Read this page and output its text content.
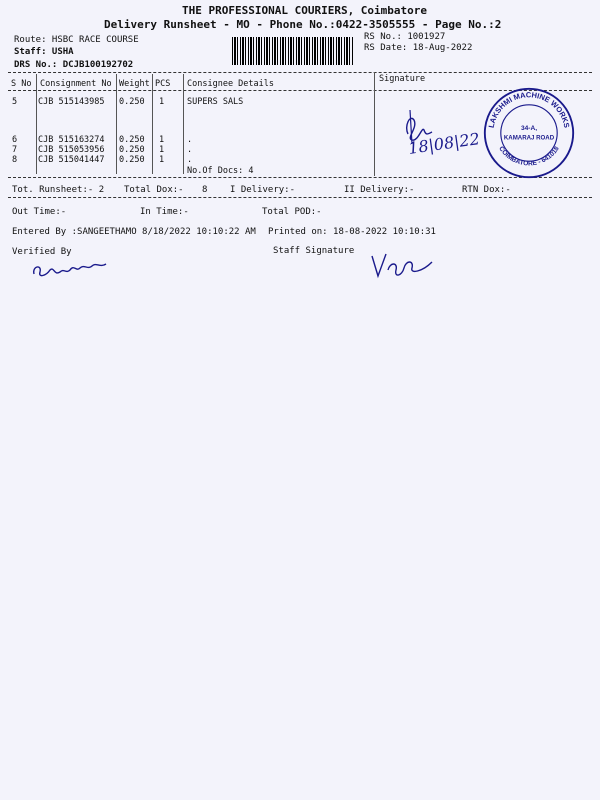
THE PROFESSIONAL COURIERS, Coimbatore
Delivery Runsheet - MO - Phone No.:0422-3505555 - Page No.:2
Route: HSBC RACE COURSE
Staff: USHA
DRS No.: DCJB100192702
RS No.: 1001927
RS Date: 18-Aug-2022
S No Consignment No Weight PCS Consignee Details	Signature
5 CJB 515143985 0.250 1	SUPERS SALS
6 CJB 515163274 0.250 1	.
7 CJB 515053956 0.250 1	.
8 CJB 515041447 0.250 1	.
No.Of Docs: 4
18|08|22
LAKSHMI MACHINE WORKS
COIMBATORE - 641018
34-A,
KAMARAJ ROAD
Tot. Runsheet:- 2 Total Dox:- 8	I Delivery:-	II Delivery:-	RTN Dox:-
Out Time:-	In Time:-	Total POD:-
Entered By :SANGEETHAMO 8/18/2022 10:10:22 AM Printed on: 18-08-2022 10:10:31
Verified By	Staff Signature
